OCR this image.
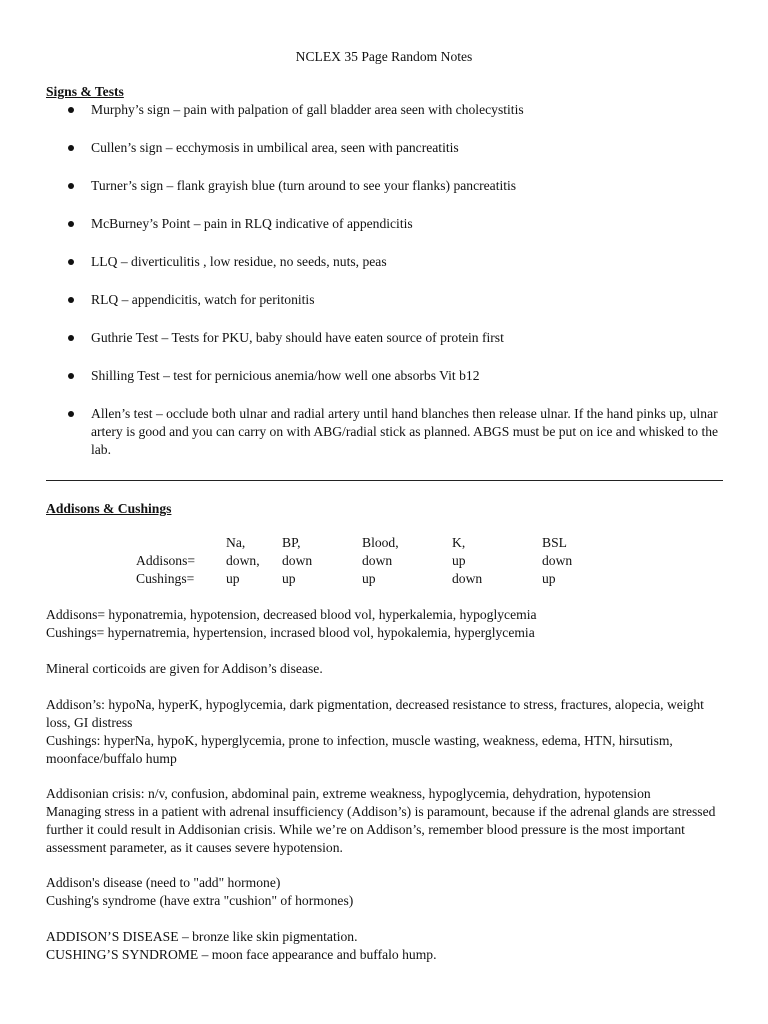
NCLEX 35 Page Random Notes
Signs & Tests
Murphy’s sign – pain with palpation of gall bladder area seen with cholecystitis
Cullen’s sign – ecchymosis in umbilical area, seen with pancreatitis
Turner’s sign – flank grayish blue (turn around to see your flanks) pancreatitis
McBurney’s Point – pain in RLQ indicative of appendicitis
LLQ – diverticulitis , low residue, no seeds, nuts, peas
RLQ – appendicitis, watch for peritonitis
Guthrie Test – Tests for PKU, baby should have eaten source of protein first
Shilling Test – test for pernicious anemia/how well one absorbs Vit b12
Allen’s test – occlude both ulnar and radial artery until hand blanches then release ulnar. If the hand pinks up, ulnar artery is good and you can carry on with ABG/radial stick as planned. ABGS must be put on ice and whisked to the lab.
Addisons & Cushings
	Na,	BP,	Blood,	K,	BSL
Addisons=	down,	down	down	up	down
Cushings=	up	up	up	down	up

Addisons= hyponatremia, hypotension, decreased blood vol, hyperkalemia, hypoglycemia

Cushings= hypernatremia, hypertension, incrased blood vol, hypokalemia, hyperglycemia

Mineral corticoids are given for Addison’s disease.

Addison’s: hypoNa, hyperK, hypoglycemia, dark pigmentation, decreased resistance to stress, fractures, alopecia, weight loss, GI distress

Cushings: hyperNa, hypoK, hyperglycemia, prone to infection, muscle wasting, weakness, edema, HTN, hirsutism, moonface/buffalo hump

Addisonian crisis: n/v, confusion, abdominal pain, extreme weakness, hypoglycemia, dehydration, hypotension

Managing stress in a patient with adrenal insufficiency (Addison’s) is paramount, because if the adrenal glands are stressed further it could result in Addisonian crisis. While we’re on Addison’s, remember blood pressure is the most important assessment parameter, as it causes severe hypotension.

Addison's disease (need to "add" hormone)

Cushing's syndrome (have extra "cushion" of hormones)

ADDISON’S DISEASE – bronze like skin pigmentation.

CUSHING’S SYNDROME – moon face appearance and buffalo hump.
